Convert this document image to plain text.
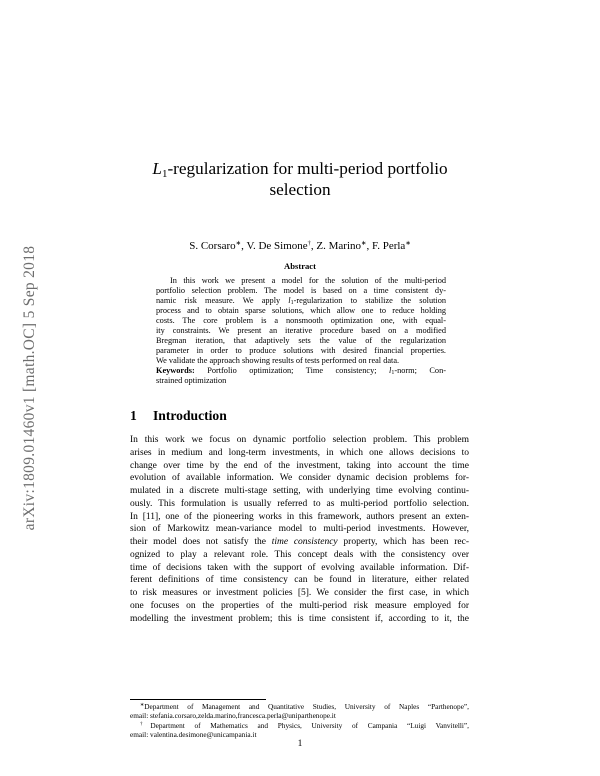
arXiv:1809.01460v1 [math.OC] 5 Sep 2018
$L_1$-regularization for multi-period portfolio
selection
S. Corsaro∗, V. De Simone†, Z. Marino∗, F. Perla∗
Abstract
In this work we present a model for the solution of the multi-period
portfolio selection problem. The model is based on a time consistent dy-
namic risk measure. We apply $l_1$-regularization to stabilize the solution
process and to obtain sparse solutions, which allow one to reduce holding
costs. The core problem is a nonsmooth optimization one, with equal-
ity constraints. We present an iterative procedure based on a modified
Bregman iteration, that adaptively sets the value of the regularization
parameter in order to produce solutions with desired financial properties.
We validate the approach showing results of tests performed on real data.
Keywords: Portfolio optimization; Time consistency; $l_1$-norm; Con-
strained optimization
1 Introduction
In this work we focus on dynamic portfolio selection problem. This problem
arises in medium and long-term investments, in which one allows decisions to
change over time by the end of the investment, taking into account the time
evolution of available information. We consider dynamic decision problems for-
mulated in a discrete multi-stage setting, with underlying time evolving continu-
ously. This formulation is usually referred to as multi-period portfolio selection.
In [11], one of the pioneering works in this framework, authors present an exten-
sion of Markowitz mean-variance model to multi-period investments. However,
their model does not satisfy the time consistency property, which has been rec-
ognized to play a relevant role. This concept deals with the consistency over
time of decisions taken with the support of evolving available information. Dif-
ferent definitions of time consistency can be found in literature, either related
to risk measures or investment policies [5]. We consider the first case, in which
one focuses on the properties of the multi-period risk measure employed for
modelling the investment problem; this is time consistent if, according to it, the
∗Department of Management and Quantitative Studies, University of Naples “Parthenope”,
email: stefania.corsaro,zelda.marino,francesca.perla@uniparthenope.it
†Department of Mathematics and Physics, University of Campania “Luigi Vanvitelli”,
email: valentina.desimone@unicampania.it
1
